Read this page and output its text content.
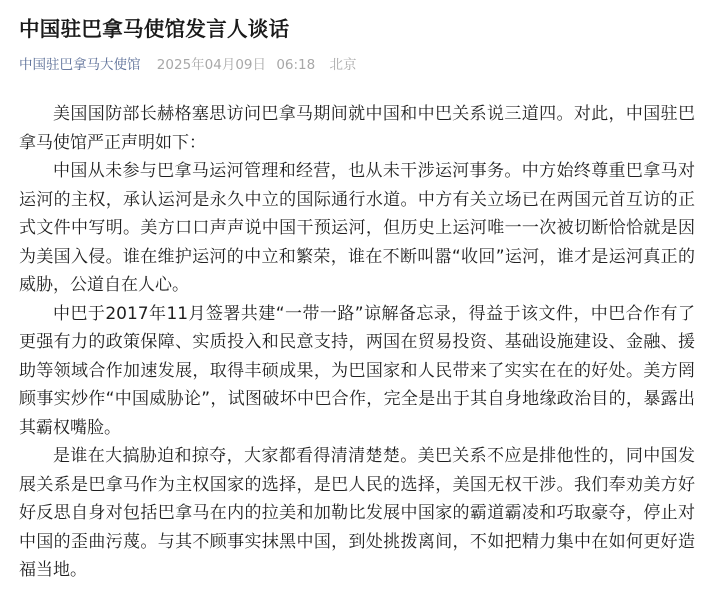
中国驻巴拿马使馆发言人谈话
中国驻巴拿马大使馆 2025年04月09日 06:18 北京

美国国防部长赫格塞思访问巴拿马期间就中国和中巴关系说三道四。对此，中国驻巴拿马使馆严正声明如下：

中国从未参与巴拿马运河管理和经营，也从未干涉运河事务。中方始终尊重巴拿马对运河的主权，承认运河是永久中立的国际通行水道。中方有关立场已在两国元首互访的正式文件中写明。美方口口声声说中国干预运河，但历史上运河唯一一次被切断恰恰就是因为美国入侵。谁在维护运河的中立和繁荣，谁在不断叫嚣“收回”运河，谁才是运河真正的威胁，公道自在人心。

中巴于2017年11月签署共建“一带一路”谅解备忘录，得益于该文件，中巴合作有了更强有力的政策保障、实质投入和民意支持，两国在贸易投资、基础设施建设、金融、援助等领域合作加速发展，取得丰硕成果，为巴国家和人民带来了实实在在的好处。美方罔顾事实炒作“中国威胁论”，试图破坏中巴合作，完全是出于其自身地缘政治目的，暴露出其霸权嘴脸。

是谁在大搞胁迫和掠夺，大家都看得清清楚楚。美巴关系不应是排他性的，同中国发展关系是巴拿马作为主权国家的选择，是巴人民的选择，美国无权干涉。我们奉劝美方好好反思自身对包括巴拿马在内的拉美和加勒比发展中国家的霸道霸凌和巧取豪夺，停止对中国的歪曲污蔑。与其不顾事实抹黑中国，到处挑拨离间，不如把精力集中在如何更好造福当地。
